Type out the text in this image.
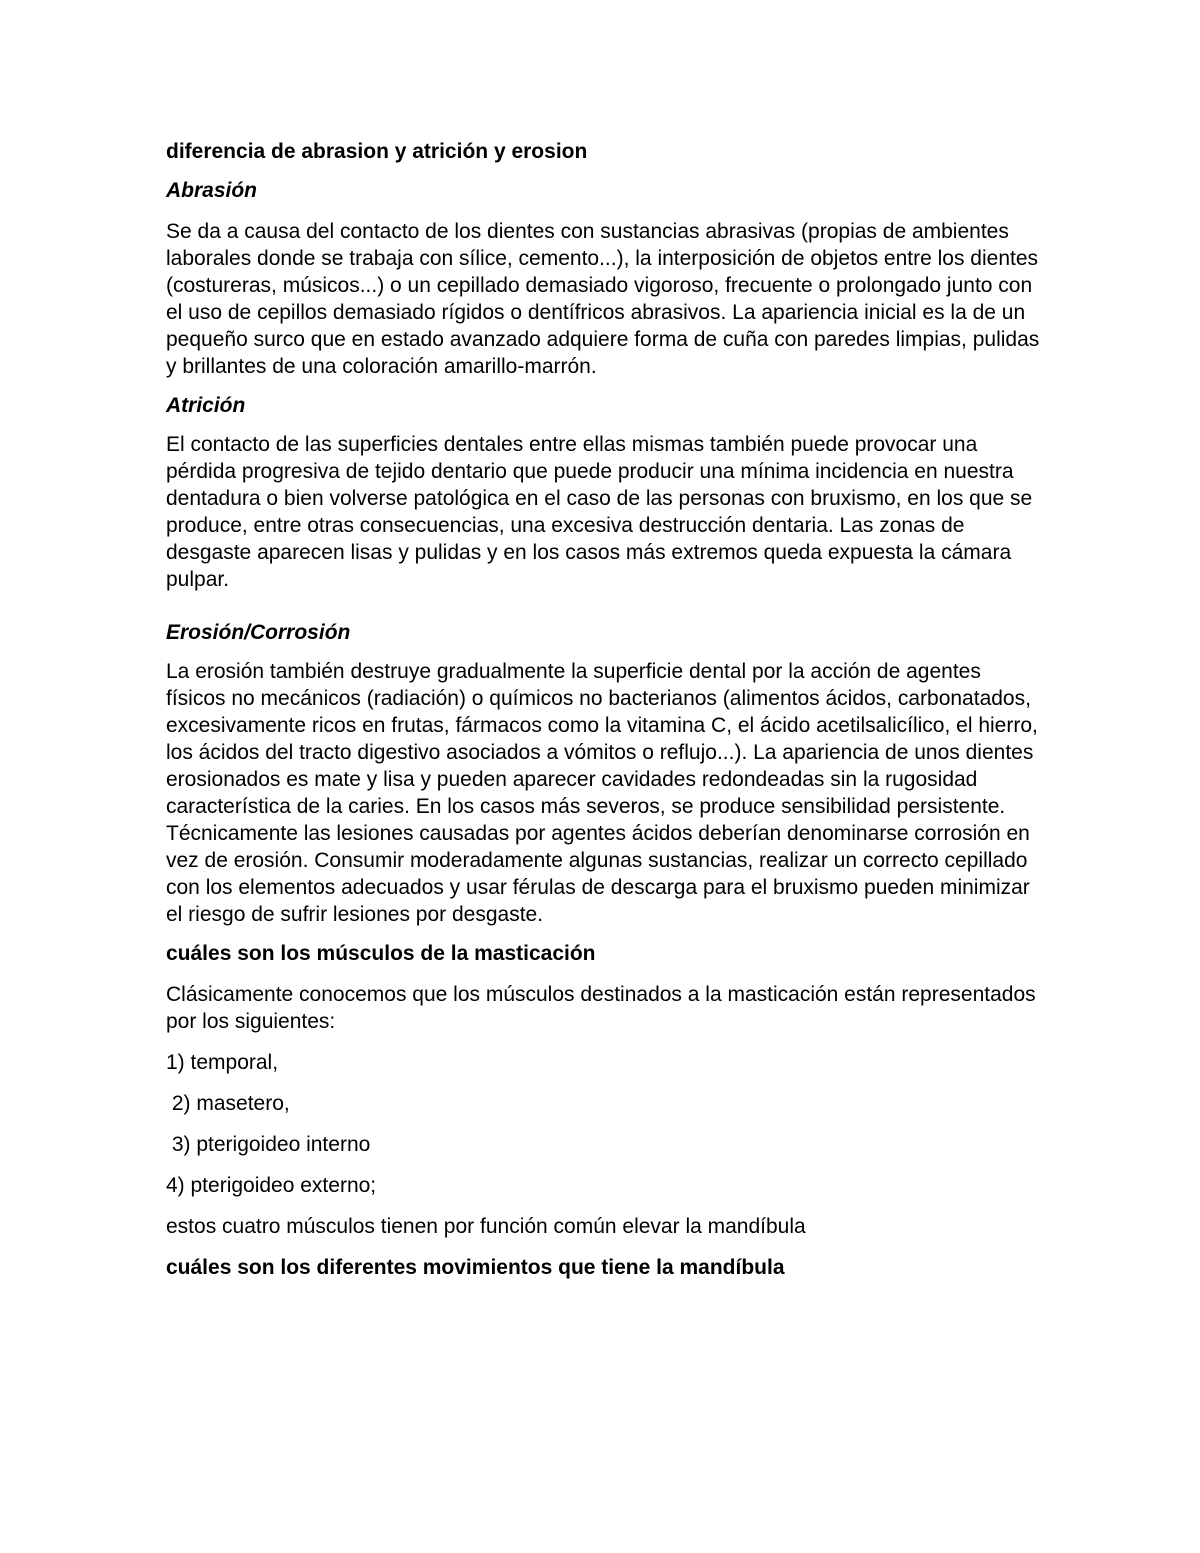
diferencia de abrasion y atrición y erosion

Abrasión

Se da a causa del contacto de los dientes con sustancias abrasivas (propias de ambientes laborales donde se trabaja con sílice, cemento...), la interposición de objetos entre los dientes (costureras, músicos...) o un cepillado demasiado vigoroso, frecuente o prolongado junto con el uso de cepillos demasiado rígidos o dentífricos abrasivos. La apariencia inicial es la de un pequeño surco que en estado avanzado adquiere forma de cuña con paredes limpias, pulidas y brillantes de una coloración amarillo-marrón.

Atrición

El contacto de las superficies dentales entre ellas mismas también puede provocar una pérdida progresiva de tejido dentario que puede producir una mínima incidencia en nuestra dentadura o bien volverse patológica en el caso de las personas con bruxismo, en los que se produce, entre otras consecuencias, una excesiva destrucción dentaria. Las zonas de desgaste aparecen lisas y pulidas y en los casos más extremos queda expuesta la cámara pulpar.

Erosión/Corrosión

La erosión también destruye gradualmente la superficie dental por la acción de agentes físicos no mecánicos (radiación) o químicos no bacterianos (alimentos ácidos, carbonatados, excesivamente ricos en frutas, fármacos como la vitamina C, el ácido acetilsalicílico, el hierro, los ácidos del tracto digestivo asociados a vómitos o reflujo...). La apariencia de unos dientes erosionados es mate y lisa y pueden aparecer cavidades redondeadas sin la rugosidad característica de la caries. En los casos más severos, se produce sensibilidad persistente. Técnicamente las lesiones causadas por agentes ácidos deberían denominarse corrosión en vez de erosión. Consumir moderadamente algunas sustancias, realizar un correcto cepillado con los elementos adecuados y usar férulas de descarga para el bruxismo pueden minimizar el riesgo de sufrir lesiones por desgaste.

cuáles son los músculos de la masticación

Clásicamente conocemos que los músculos destinados a la masticación están representados por los siguientes:

1) temporal,

2) masetero,

3) pterigoideo interno

4) pterigoideo externo;

estos cuatro músculos tienen por función común elevar la mandíbula

cuáles son los diferentes movimientos que tiene la mandíbula
